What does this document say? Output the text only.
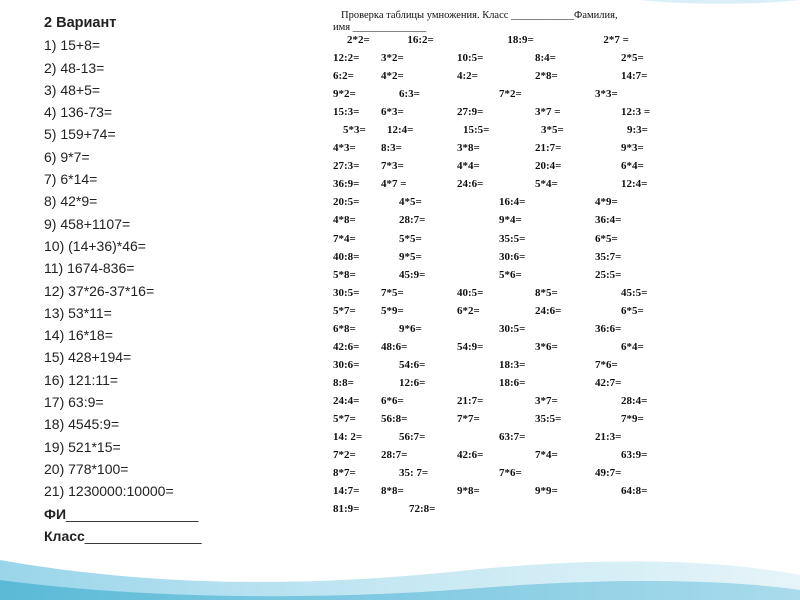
2 Вариант
1) 15+8=
2) 48-13=
3) 48+5=
4) 136-73=
5) 159+74=
6) 9*7=
7) 6*14=
8) 42*9=
9) 458+1107=
10) (14+36)*46=
11) 1674-836=
12) 37*26-37*16=
13) 53*11=
14) 16*18=
15) 428+194=
16) 121:11=
17) 63:9=
18) 4545:9=
19) 521*15=
20) 778*100=
21) 1230000:10000=
ФИ_________________
Класс_______________
Проверка таблицы умножения. Класс ____________Фамилия,
имя ______________
2*2=	16:2=	18:9=	2*7 =
12:2= 3*2=	10:5=	8:4=	2*5=
6:2= 4*2=	4:2=	2*8=	14:7=
9*2=	6:3=	7*2=	3*3=
15:3= 6*3=	27:9=	3*7 =	12:3 =
5*3= 12:4=	15:5=	3*5=	9:3=
4*3= 8:3=	3*8=	21:7=	9*3=
27:3= 7*3=	4*4=	20:4=	6*4=
36:9= 4*7 =	24:6=	5*4=	12:4=
20:5=	4*5=	16:4=	4*9=
4*8=	28:7=	9*4=	36:4=
7*4=	5*5=	35:5=	6*5=
40:8=	9*5=	30:6=	35:7=
5*8=	45:9=	5*6=	25:5=
30:5= 7*5=	40:5=	8*5=	45:5=
5*7= 5*9=	6*2=	24:6=	6*5=
6*8=	9*6=	30:5=	36:6=
42:6= 48:6=	54:9=	3*6=	6*4=
30:6=	54:6=	18:3=	7*6=
8:8=	12:6=	18:6=	42:7=
24:4= 6*6=	21:7=	3*7=	28:4=
5*7= 56:8=	7*7=	35:5=	7*9=
14: 2=	56:7=	63:7=	21:3=
7*2= 28:7=	42:6=	7*4=	63:9=
8*7=	35: 7=	7*6=	49:7=
14:7= 8*8=	9*8=	9*9=	64:8=
81:9=	72:8=
